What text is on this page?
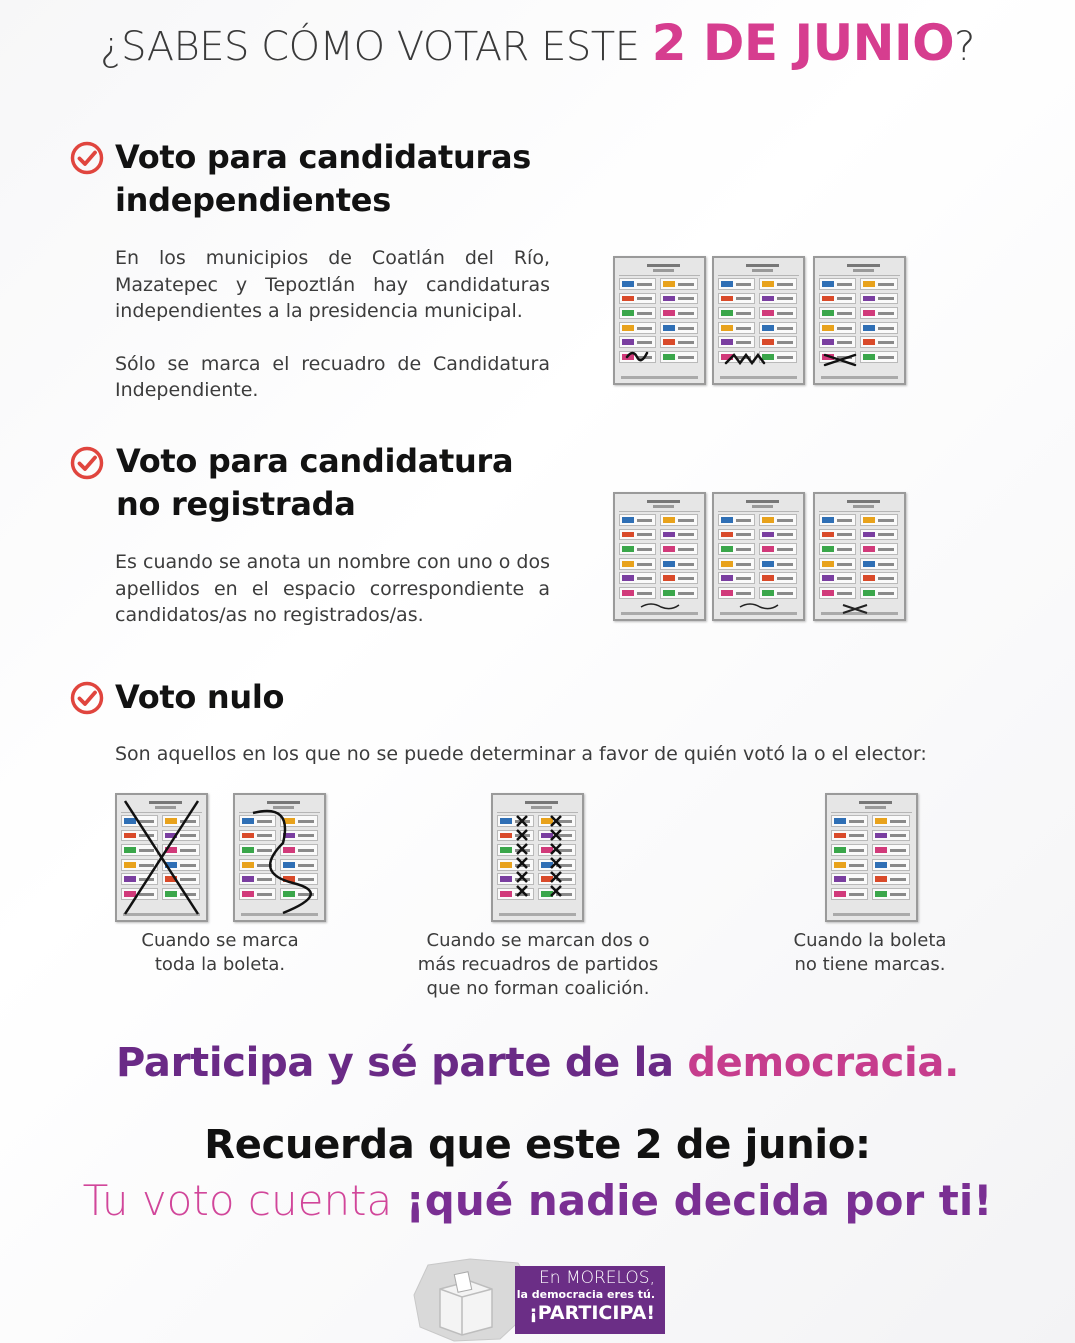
¿SABES CÓMO VOTAR ESTE 2 DE JUNIO?
Voto para candidaturas
independientes
En los municipios de Coatlán del Río, Mazatepec y Tepoztlán hay candidaturas independientes a la presidencia municipal.
Sólo se marca el recuadro de Candidatura Independiente.
Voto para candidatura
no registrada
Es cuando se anota un nombre con uno o dos apellidos en el espacio correspondiente a candidatos/as no registrados/as.
Voto nulo
Son aquellos en los que no se puede determinar a favor de quién votó la o el elector:
Cuando se marca toda la boleta.
Cuando se marcan dos o más recuadros de partidos que no forman coalición.
Cuando la boleta no tiene marcas.
Participa y sé parte de la democracia.
Recuerda que este 2 de junio:
Tu voto cuenta ¡qué nadie decida por ti!
En MORELOS,
la democracia eres tú.
¡PARTICIPA!
